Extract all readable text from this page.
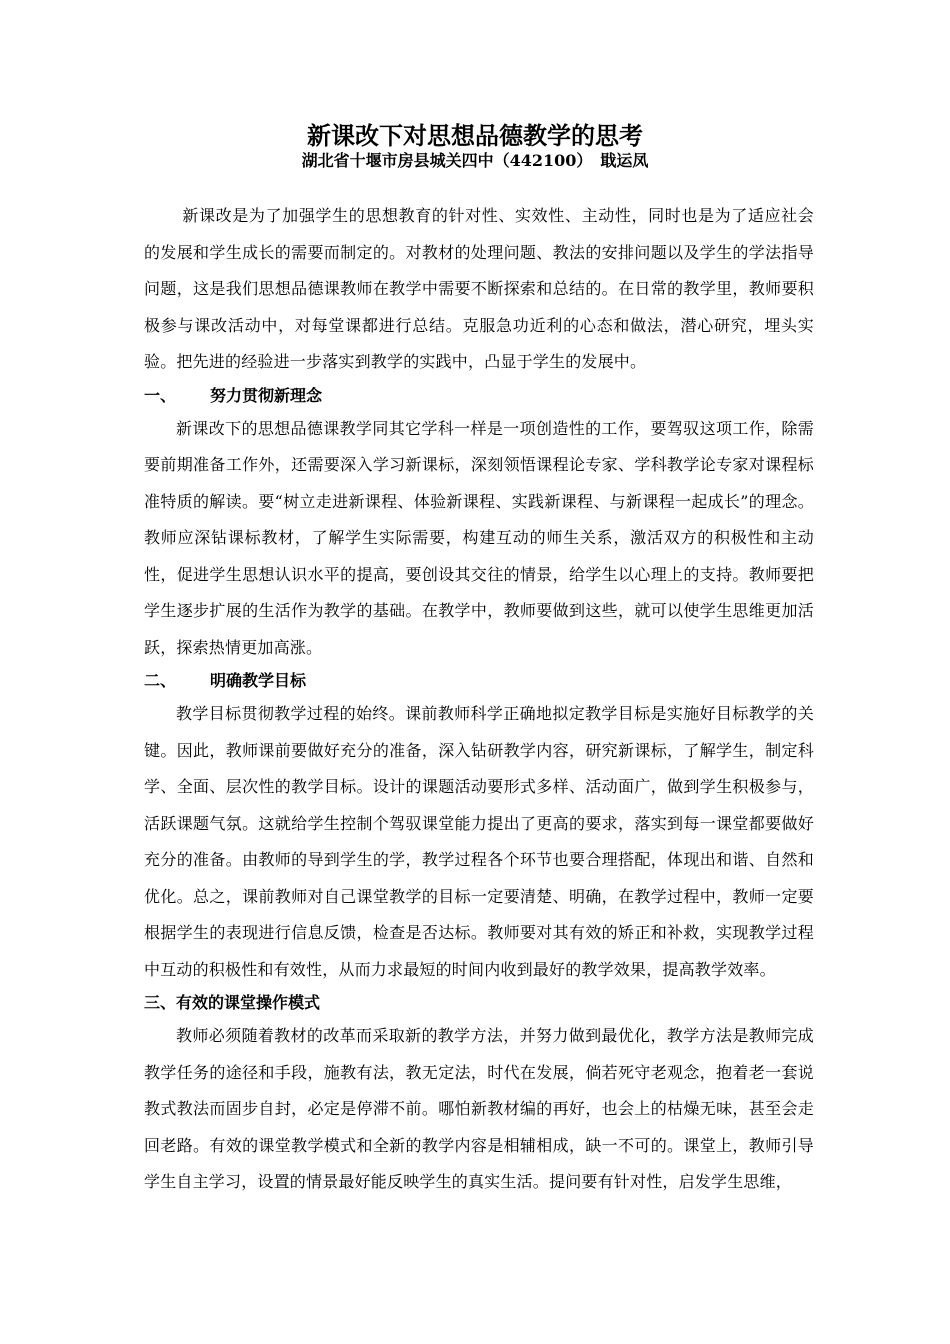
新课改下对思想品德教学的思考
湖北省十堰市房县城关四中（442100）　戢运凤

新课改是为了加强学生的思想教育的针对性、实效性、主动性，同时也是为了适应社会的发展和学生成长的需要而制定的。对教材的处理问题、教法的安排问题以及学生的学法指导问题，这是我们思想品德课教师在教学中需要不断探索和总结的。在日常的教学里，教师要积极参与课改活动中，对每堂课都进行总结。克服急功近利的心态和做法，潜心研究，埋头实验。把先进的经验进一步落实到教学的实践中，凸显于学生的发展中。

一、	努力贯彻新理念

新课改下的思想品德课教学同其它学科一样是一项创造性的工作，要驾驭这项工作，除需要前期准备工作外，还需要深入学习新课标，深刻领悟课程论专家、学科教学论专家对课程标准特质的解读。要“树立走进新课程、体验新课程、实践新课程、与新课程一起成长”的理念。教师应深钻课标教材，了解学生实际需要，构建互动的师生关系，激活双方的积极性和主动性，促进学生思想认识水平的提高，要创设其交往的情景，给学生以心理上的支持。教师要把学生逐步扩展的生活作为教学的基础。在教学中，教师要做到这些，就可以使学生思维更加活跃，探索热情更加高涨。

二、	明确教学目标

教学目标贯彻教学过程的始终。课前教师科学正确地拟定教学目标是实施好目标教学的关键。因此，教师课前要做好充分的准备，深入钻研教学内容，研究新课标，了解学生，制定科学、全面、层次性的教学目标。设计的课题活动要形式多样、活动面广，做到学生积极参与，活跃课题气氛。这就给学生控制个驾驭课堂能力提出了更高的要求，落实到每一课堂都要做好充分的准备。由教师的导到学生的学，教学过程各个环节也要合理搭配，体现出和谐、自然和优化。总之，课前教师对自己课堂教学的目标一定要清楚、明确，在教学过程中，教师一定要根据学生的表现进行信息反馈，检查是否达标。教师要对其有效的矫正和补救，实现教学过程中互动的积极性和有效性，从而力求最短的时间内收到最好的教学效果，提高教学效率。

三、 有效的课堂操作模式

教师必须随着教材的改革而采取新的教学方法，并努力做到最优化，教学方法是教师完成教学任务的途径和手段，施教有法，教无定法，时代在发展，倘若死守老观念，抱着老一套说教式教法而固步自封，必定是停滞不前。哪怕新教材编的再好，也会上的枯燥无味，甚至会走回老路。有效的课堂教学模式和全新的教学内容是相辅相成，缺一不可的。课堂上，教师引导学生自主学习，设置的情景最好能反映学生的真实生活。提问要有针对性，启发学生思维，
